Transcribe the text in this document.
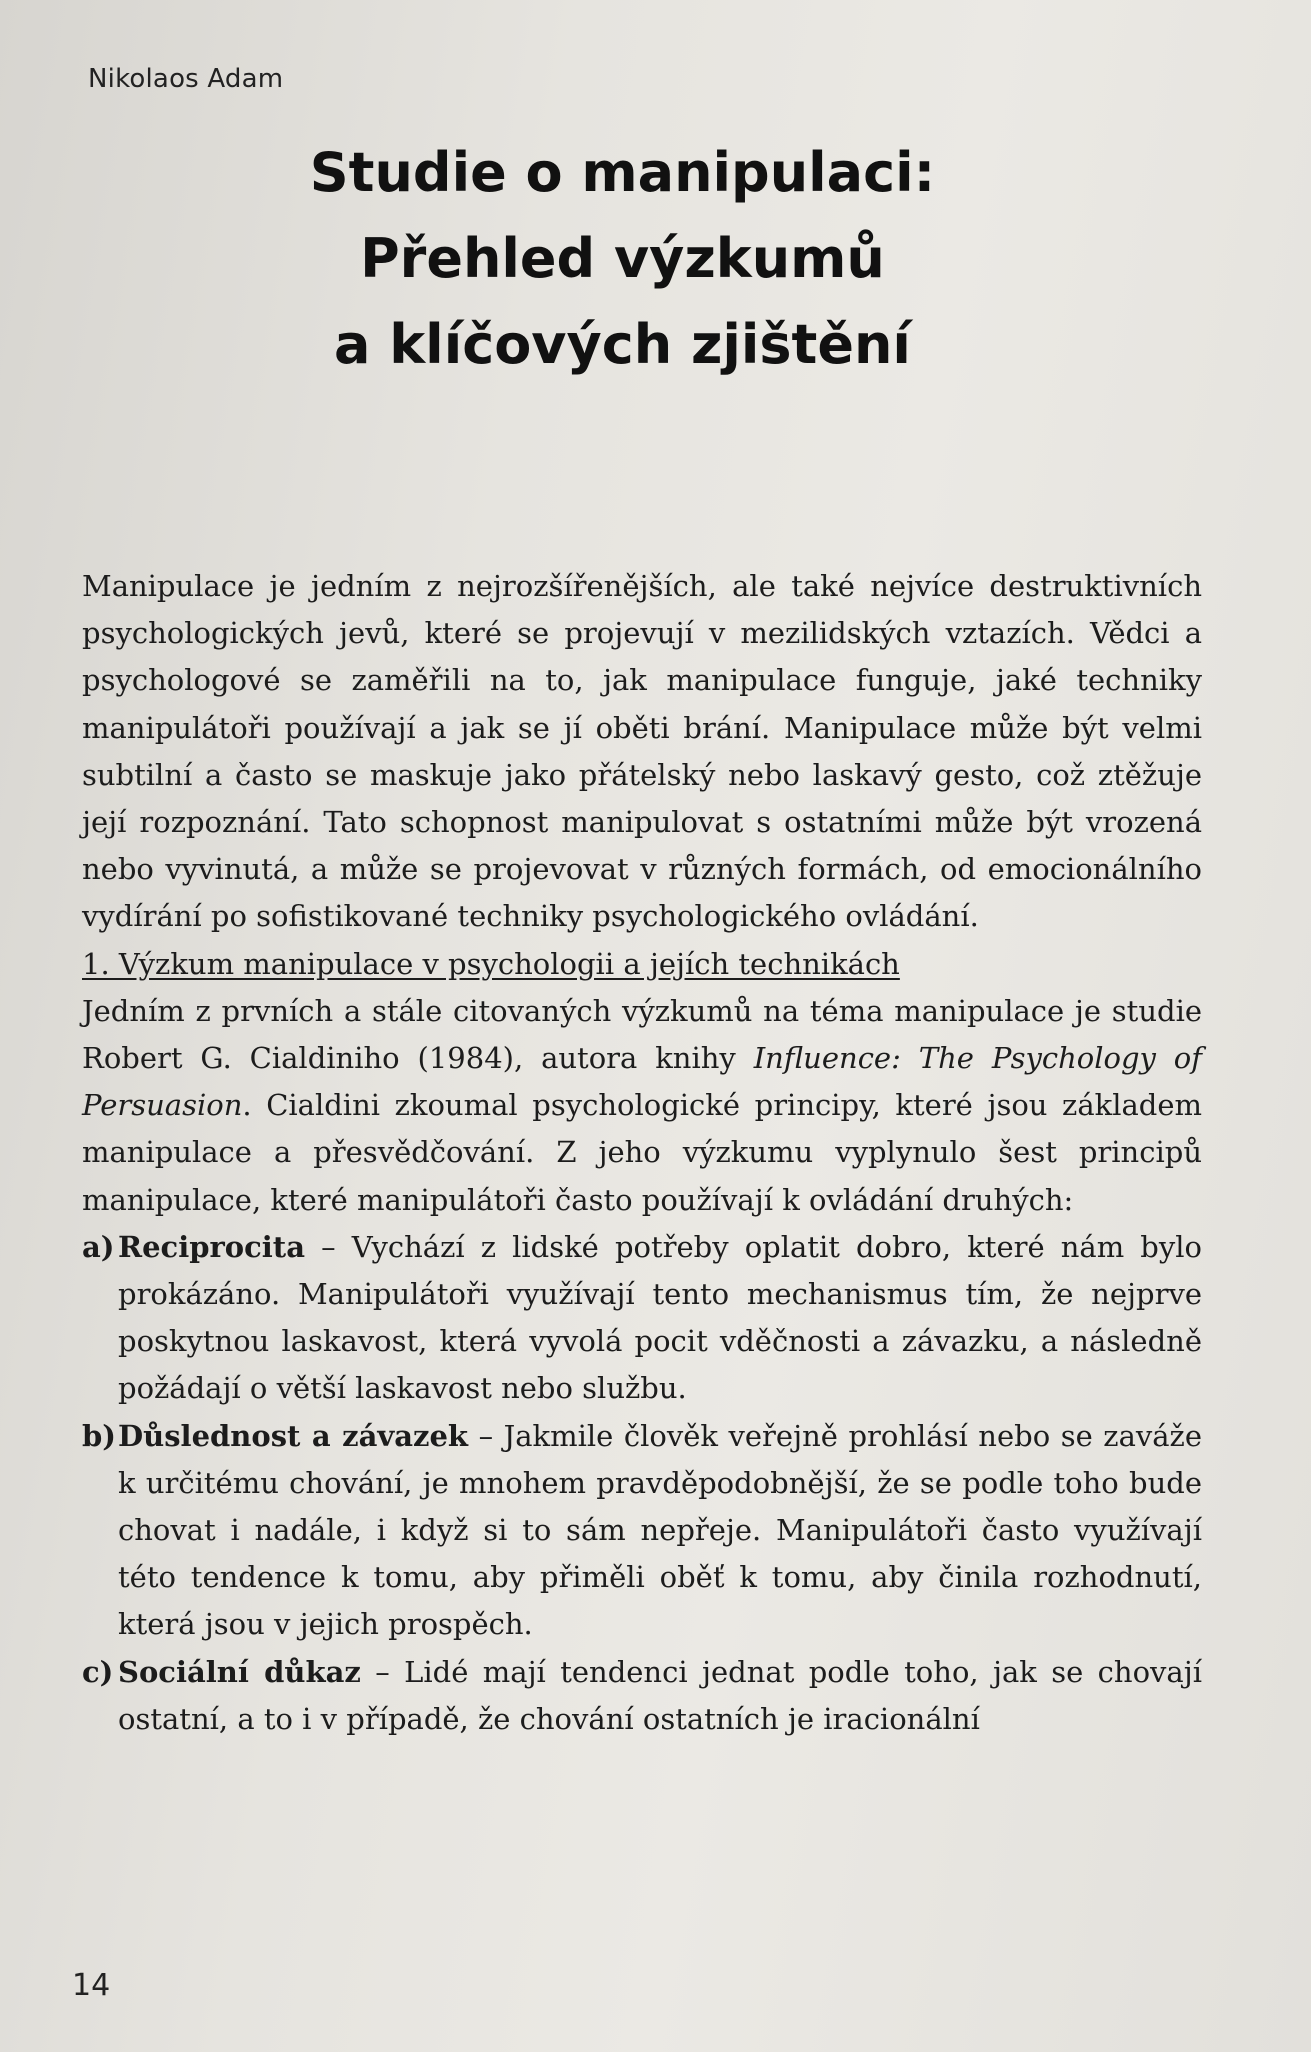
Nikolaos Adam
Studie o manipulaci:
Přehled výzkumů
a klíčových zjištění

Manipulace je jedním z nejrozšířenějších, ale také nejvíce destruktivních psychologických jevů, které se projevují v mezilidských vztazích. Vědci a psychologové se zaměřili na to, jak manipulace funguje, jaké techniky manipulátoři používají a jak se jí oběti brání. Manipulace může být velmi subtilní a často se maskuje jako přátelský nebo laskavý gesto, což ztěžuje její rozpoznání. Tato schopnost manipulovat s ostatními může být vrozená nebo vyvinutá, a může se projevovat v různých formách, od emocionálního vydírání po sofistikované techniky psychologického ovládání.

1. Výzkum manipulace v psychologii a jejích technikách

Jedním z prvních a stále citovaných výzkumů na téma manipulace je studie Robert G. Cialdiniho (1984), autora knihy Influence: The Psychology of Persuasion. Cialdini zkoumal psychologické principy, které jsou základem manipulace a přesvědčování. Z jeho výzkumu vyplynulo šest principů manipulace, které manipulátoři často používají k ovládání druhých:

a) Reciprocita – Vychází z lidské potřeby oplatit dobro, které nám bylo prokázáno. Manipulátoři využívají tento mechanismus tím, že nejprve poskytnou laskavost, která vyvolá pocit vděčnosti a závazku, a následně požádají o větší laskavost nebo službu.
b) Důslednost a závazek – Jakmile člověk veřejně prohlásí nebo se zaváže k určitému chování, je mnohem pravděpodobnější, že se podle toho bude chovat i nadále, i když si to sám nepřeje. Manipulátoři často využívají této tendence k tomu, aby přiměli oběť k tomu, aby činila rozhodnutí, která jsou v jejich prospěch.
c) Sociální důkaz – Lidé mají tendenci jednat podle toho, jak se chovají ostatní, a to i v případě, že chování ostatních je iracionální
14
